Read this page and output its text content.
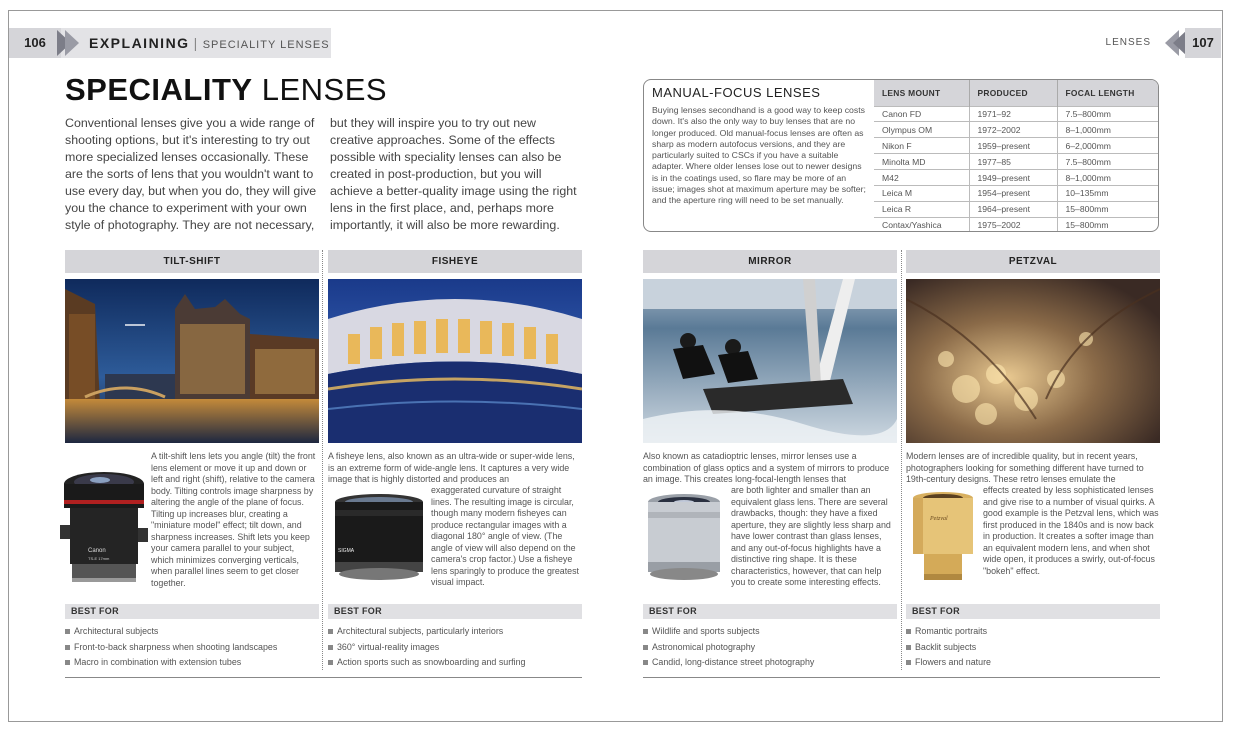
106	EXPLAINING | SPECIALITY LENSES	LENSES	107
SPECIALITY LENSES
Conventional lenses give you a wide range of shooting options, but it's interesting to try out more specialized lenses occasionally. These are the sorts of lens that you wouldn't want to use every day, but when you do, they will give you the chance to experiment with your own style of photography. They are not necessary,
but they will inspire you to try out new creative approaches. Some of the effects possible with speciality lenses can also be created in post-production, but you will achieve a better-quality image using the right lens in the first place, and, perhaps more importantly, it will also be more rewarding.
MANUAL-FOCUS LENSES
Buying lenses secondhand is a good way to keep costs down. It's also the only way to buy lenses that are no longer produced. Old manual-focus lenses are often as sharp as modern autofocus versions, and they are particularly suited to CSCs if you have a suitable adapter. Where older lenses lose out to newer designs is in the coatings used, so flare may be more of an issue; images shot at maximum aperture may be softer; and the aperture ring will need to be set manually.
LENS MOUNT	PRODUCED	FOCAL LENGTH
Canon FD	1971–92	7.5–800mm
Olympus OM	1972–2002	8–1,000mm
Nikon F	1959–present	6–2,000mm
Minolta MD	1977–85	7.5–800mm
M42	1949–present	8–1,000mm
Leica M	1954–present	10–135mm
Leica R	1964–present	15–800mm
Contax/Yashica	1975–2002	15–800mm
TILT-SHIFT
Canon
TS-E 17mm
A tilt-shift lens lets you angle (tilt) the front lens element or move it up and down or left and right (shift), relative to the camera body. Tilting controls image sharpness by altering the angle of the plane of focus. Tilting up increases blur, creating a "miniature model" effect; tilt down, and sharpness increases. Shift lets you keep your camera parallel to your subject, which minimizes converging verticals, when parallel lines seem to get closer together.
BEST FOR
Architectural subjects
Front-to-back sharpness when shooting landscapes
Macro in combination with extension tubes
FISHEYE
A fisheye lens, also known as an ultra-wide or super-wide lens, is an extreme form of wide-angle lens. It captures a very wide image that is highly distorted and produces an
SIGMA
exaggerated curvature of straight lines. The resulting image is circular, though many modern fisheyes can produce rectangular images with a diagonal 180° angle of view. (The angle of view will also depend on the camera's crop factor.) Use a fisheye lens sparingly to produce the greatest visual impact.
BEST FOR
Architectural subjects, particularly interiors
360° virtual-reality images
Action sports such as snowboarding and surfing
MIRROR
Also known as catadioptric lenses, mirror lenses use a combination of glass optics and a system of mirrors to produce an image. This creates long-focal-length lenses that
are both lighter and smaller than an equivalent glass lens. There are several drawbacks, though: they have a fixed aperture, they are slightly less sharp and have lower contrast than glass lenses, and any out-of-focus highlights have a distinctive ring shape. It is these characteristics, however, that can help you to create some interesting effects.
BEST FOR
Wildlife and sports subjects
Astronomical photography
Candid, long-distance street photography
PETZVAL
Modern lenses are of incredible quality, but in recent years, photographers looking for something different have turned to 19th-century designs. These retro lenses emulate the
Petzval
effects created by less sophisticated lenses and give rise to a number of visual quirks. A good example is the Petzval lens, which was first produced in the 1840s and is now back in production. It creates a softer image than an equivalent modern lens, and when shot wide open, it produces a swirly, out-of-focus "bokeh" effect.
BEST FOR
Romantic portraits
Backlit subjects
Flowers and nature
